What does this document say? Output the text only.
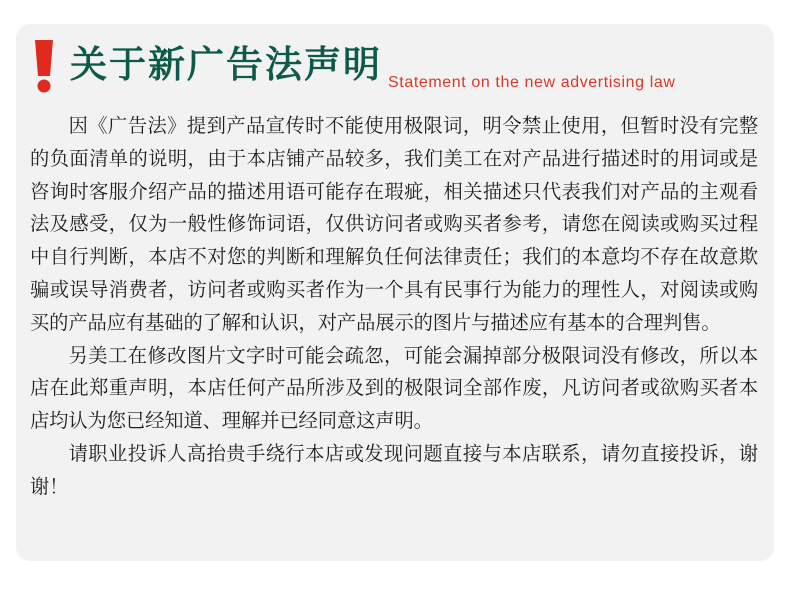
关于新广告法声明 Statement on the new advertising law

因《广告法》提到产品宣传时不能使用极限词，明令禁止使用，但暂时没有完整的负面清单的说明，由于本店铺产品较多，我们美工在对产品进行描述时的用词或是咨询时客服介绍产品的描述用语可能存在瑕疵，相关描述只代表我们对产品的主观看法及感受，仅为一般性修饰词语，仅供访问者或购买者参考，请您在阅读或购买过程中自行判断，本店不对您的判断和理解负任何法律责任；我们的本意均不存在故意欺骗或误导消费者，访问者或购买者作为一个具有民事行为能力的理性人，对阅读或购买的产品应有基础的了解和认识，对产品展示的图片与描述应有基本的合理判售。

另美工在修改图片文字时可能会疏忽，可能会漏掉部分极限词没有修改，所以本店在此郑重声明，本店任何产品所涉及到的极限词全部作废，凡访问者或欲购买者本店均认为您已经知道、理解并已经同意这声明。

请职业投诉人高抬贵手绕行本店或发现问题直接与本店联系，请勿直接投诉，谢谢！
